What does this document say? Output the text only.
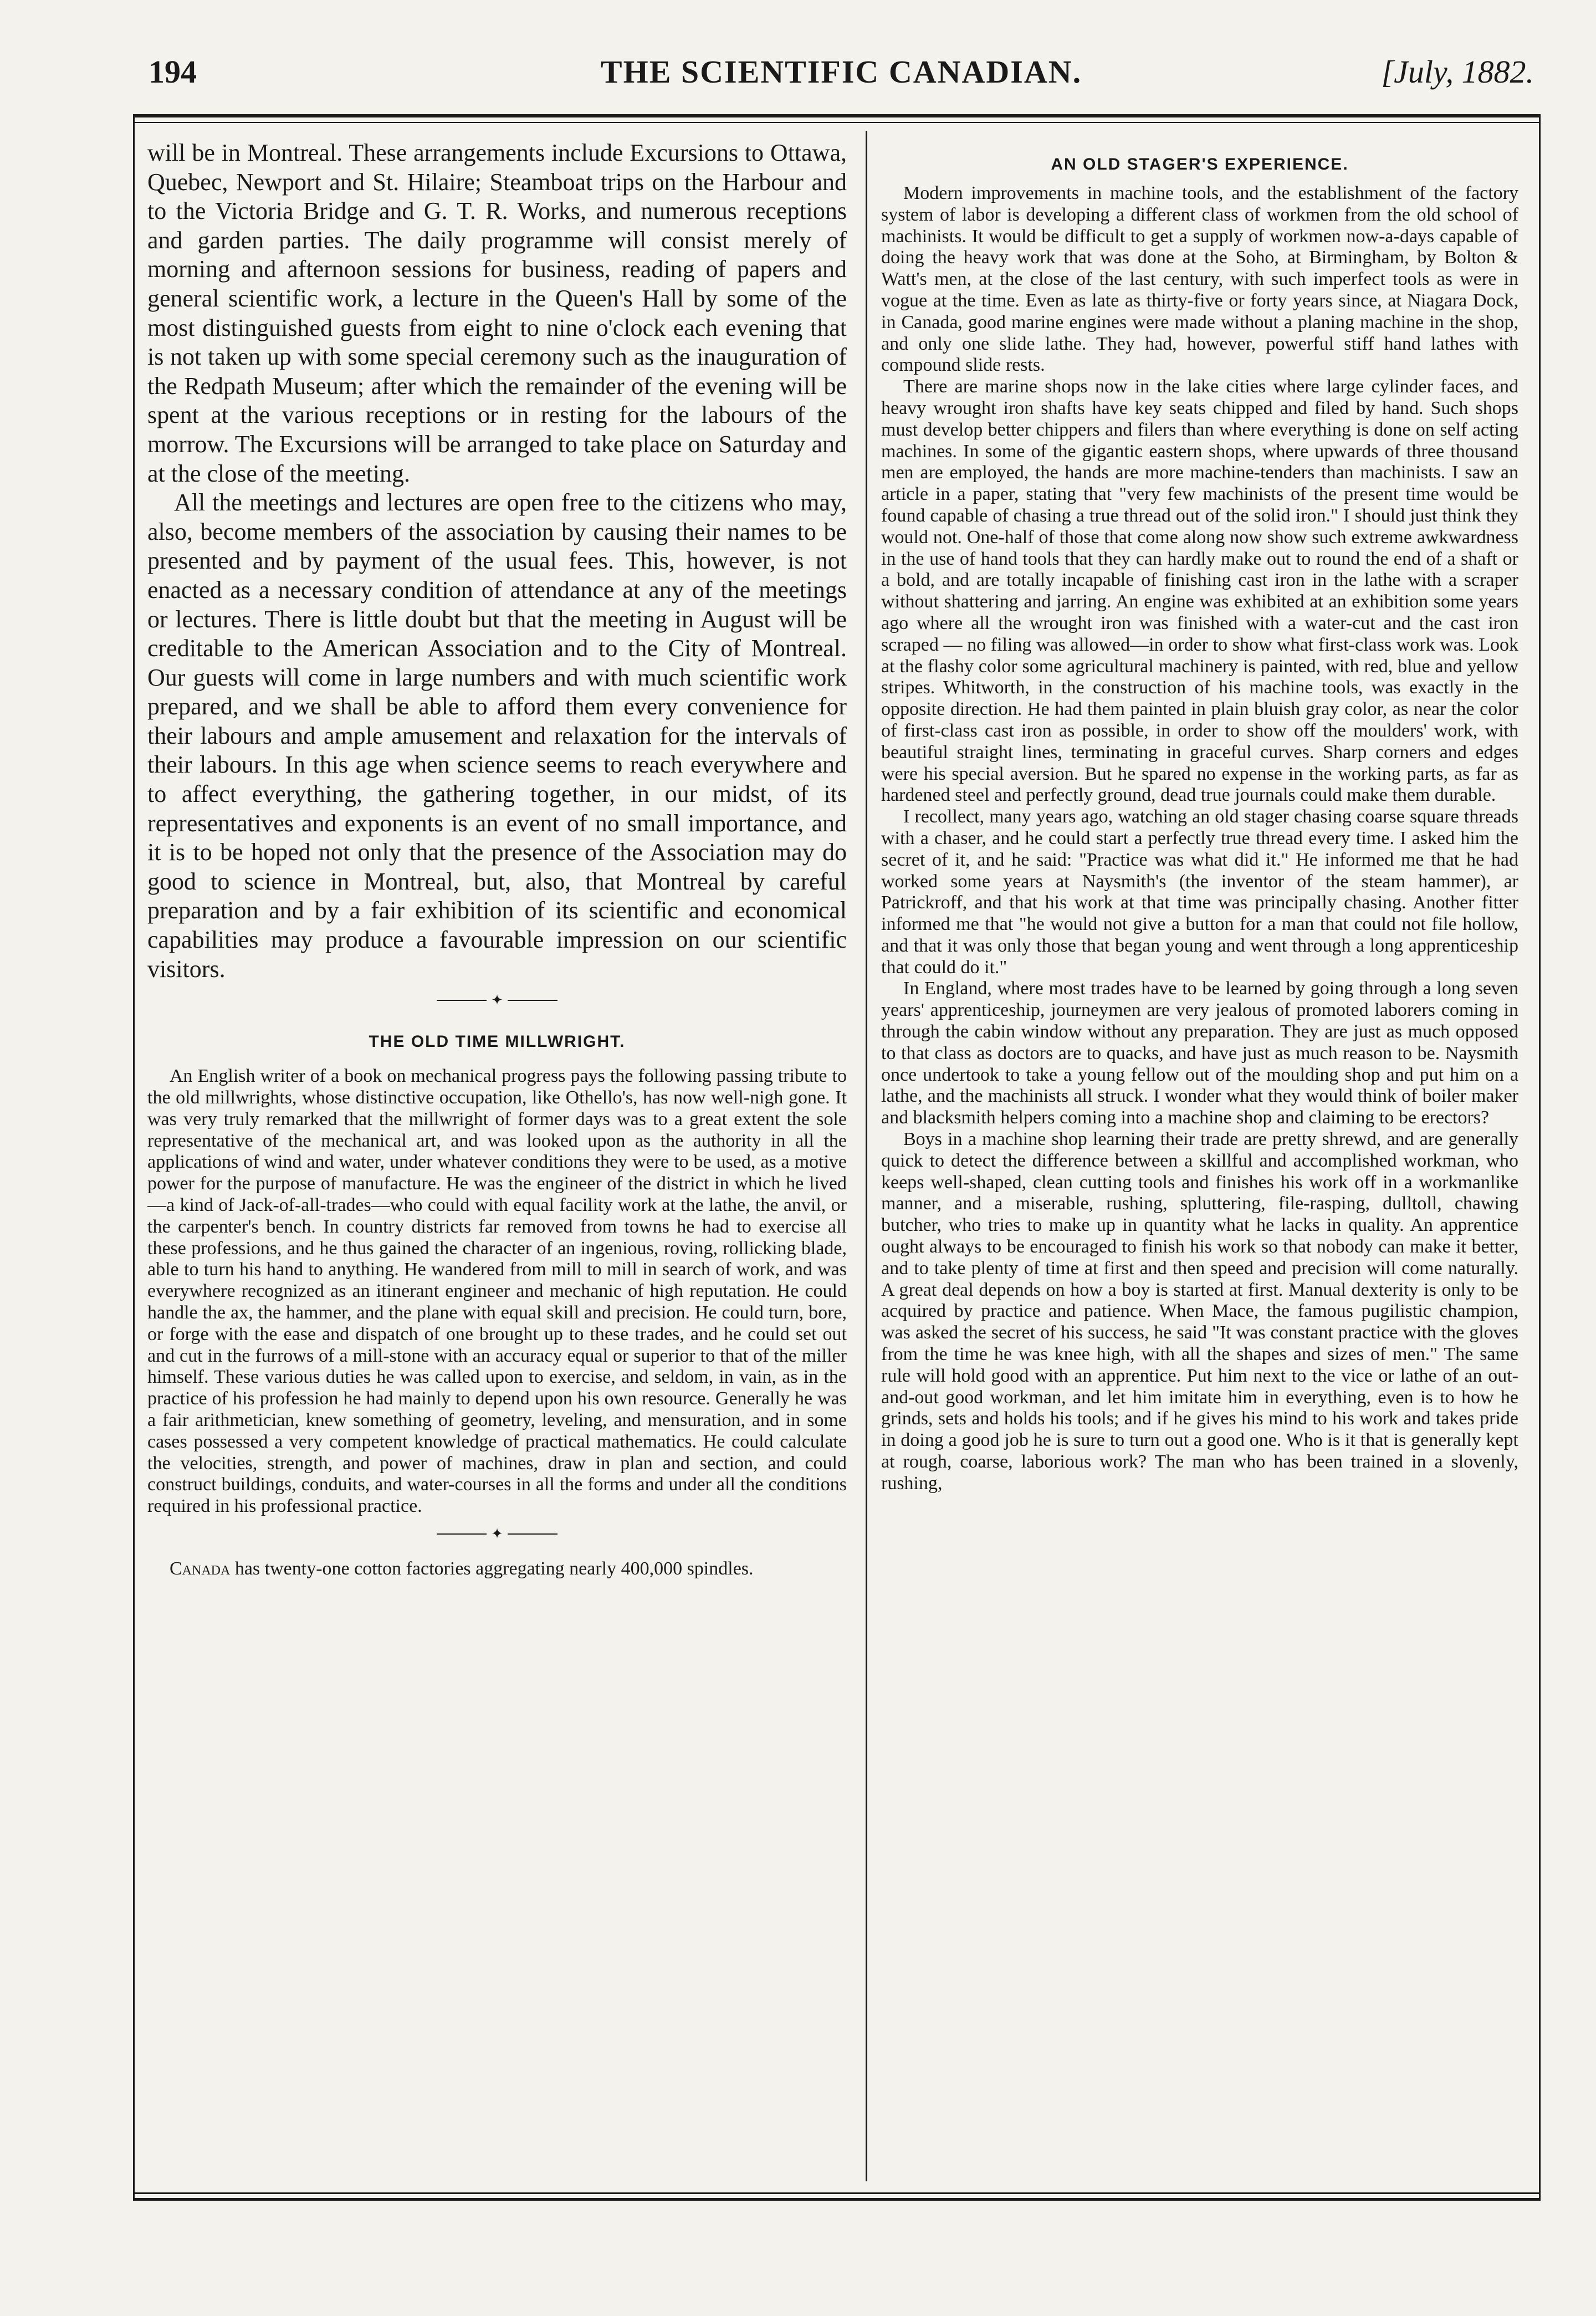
194	THE SCIENTIFIC CANADIAN.	[July, 1882.

will be in Montreal. These arrangements include Excursions to Ottawa, Quebec, Newport and St. Hilaire; Steamboat trips on the Harbour and to the Victoria Bridge and G. T. R. Works, and numerous receptions and garden parties. The daily programme will consist merely of morning and afternoon sessions for business, reading of papers and general scientific work, a lecture in the Queen's Hall by some of the most distinguished guests from eight to nine o'clock each evening that is not taken up with some special ceremony such as the inauguration of the Redpath Museum; after which the remainder of the evening will be spent at the various receptions or in resting for the labours of the morrow. The Excursions will be arranged to take place on Saturday and at the close of the meeting.

All the meetings and lectures are open free to the citizens who may, also, become members of the association by causing their names to be presented and by payment of the usual fees. This, however, is not enacted as a necessary condition of attendance at any of the meetings or lectures. There is little doubt but that the meeting in August will be creditable to the American Association and to the City of Montreal. Our guests will come in large numbers and with much scientific work prepared, and we shall be able to afford them every convenience for their labours and ample amusement and relaxation for the intervals of their labours. In this age when science seems to reach everywhere and to affect everything, the gathering together, in our midst, of its representatives and exponents is an event of no small importance, and it is to be hoped not only that the presence of the Association may do good to science in Montreal, but, also, that Montreal by careful preparation and by a fair exhibition of its scientific and economical capabilities may produce a favourable impression on our scientific visitors.

✦
THE OLD TIME MILLWRIGHT.

An English writer of a book on mechanical progress pays the following passing tribute to the old millwrights, whose distinctive occupation, like Othello's, has now well-nigh gone. It was very truly remarked that the millwright of former days was to a great extent the sole representative of the mechanical art, and was looked upon as the authority in all the applications of wind and water, under whatever conditions they were to be used, as a motive power for the purpose of manufacture. He was the engineer of the district in which he lived—a kind of Jack-of-all-trades—who could with equal facility work at the lathe, the anvil, or the carpenter's bench. In country districts far removed from towns he had to exercise all these professions, and he thus gained the character of an ingenious, roving, rollicking blade, able to turn his hand to anything. He wandered from mill to mill in search of work, and was everywhere recognized as an itinerant engineer and mechanic of high reputation. He could handle the ax, the hammer, and the plane with equal skill and precision. He could turn, bore, or forge with the ease and dispatch of one brought up to these trades, and he could set out and cut in the furrows of a mill-stone with an accuracy equal or superior to that of the miller himself. These various duties he was called upon to exercise, and seldom, in vain, as in the practice of his profession he had mainly to depend upon his own resource. Generally he was a fair arithmetician, knew something of geometry, leveling, and mensuration, and in some cases possessed a very competent knowledge of practical mathematics. He could calculate the velocities, strength, and power of machines, draw in plan and section, and could construct buildings, conduits, and water-courses in all the forms and under all the conditions required in his professional practice.

✦

Canada has twenty-one cotton factories aggregating nearly 400,000 spindles.

AN OLD STAGER'S EXPERIENCE.

Modern improvements in machine tools, and the establishment of the factory system of labor is developing a different class of workmen from the old school of machinists. It would be difficult to get a supply of workmen now-a-days capable of doing the heavy work that was done at the Soho, at Birmingham, by Bolton & Watt's men, at the close of the last century, with such imperfect tools as were in vogue at the time. Even as late as thirty-five or forty years since, at Niagara Dock, in Canada, good marine engines were made without a planing machine in the shop, and only one slide lathe. They had, however, powerful stiff hand lathes with compound slide rests.

There are marine shops now in the lake cities where large cylinder faces, and heavy wrought iron shafts have key seats chipped and filed by hand. Such shops must develop better chippers and filers than where everything is done on self acting machines. In some of the gigantic eastern shops, where upwards of three thousand men are employed, the hands are more machine-tenders than machinists. I saw an article in a paper, stating that "very few machinists of the present time would be found capable of chasing a true thread out of the solid iron." I should just think they would not. One-half of those that come along now show such extreme awkwardness in the use of hand tools that they can hardly make out to round the end of a shaft or a bold, and are totally incapable of finishing cast iron in the lathe with a scraper without shattering and jarring. An engine was exhibited at an exhibition some years ago where all the wrought iron was finished with a water-cut and the cast iron scraped — no filing was allowed—in order to show what first-class work was. Look at the flashy color some agricultural machinery is painted, with red, blue and yellow stripes. Whitworth, in the construction of his machine tools, was exactly in the opposite direction. He had them painted in plain bluish gray color, as near the color of first-class cast iron as possible, in order to show off the moulders' work, with beautiful straight lines, terminating in graceful curves. Sharp corners and edges were his special aversion. But he spared no expense in the working parts, as far as hardened steel and perfectly ground, dead true journals could make them durable.

I recollect, many years ago, watching an old stager chasing coarse square threads with a chaser, and he could start a perfectly true thread every time. I asked him the secret of it, and he said: "Practice was what did it." He informed me that he had worked some years at Naysmith's (the inventor of the steam hammer), ar Patrickroff, and that his work at that time was principally chasing. Another fitter informed me that "he would not give a button for a man that could not file hollow, and that it was only those that began young and went through a long apprenticeship that could do it."

In England, where most trades have to be learned by going through a long seven years' apprenticeship, journeymen are very jealous of promoted laborers coming in through the cabin window without any preparation. They are just as much opposed to that class as doctors are to quacks, and have just as much reason to be. Naysmith once undertook to take a young fellow out of the moulding shop and put him on a lathe, and the machinists all struck. I wonder what they would think of boiler maker and blacksmith helpers coming into a machine shop and claiming to be erectors?

Boys in a machine shop learning their trade are pretty shrewd, and are generally quick to detect the difference between a skillful and accomplished workman, who keeps well-shaped, clean cutting tools and finishes his work off in a workmanlike manner, and a miserable, rushing, spluttering, file-rasping, dulltoll, chawing butcher, who tries to make up in quantity what he lacks in quality. An apprentice ought always to be encouraged to finish his work so that nobody can make it better, and to take plenty of time at first and then speed and precision will come naturally. A great deal depends on how a boy is started at first. Manual dexterity is only to be acquired by practice and patience. When Mace, the famous pugilistic champion, was asked the secret of his success, he said "It was constant practice with the gloves from the time he was knee high, with all the shapes and sizes of men." The same rule will hold good with an apprentice. Put him next to the vice or lathe of an out-and-out good workman, and let him imitate him in everything, even is to how he grinds, sets and holds his tools; and if he gives his mind to his work and takes pride in doing a good job he is sure to turn out a good one. Who is it that is generally kept at rough, coarse, laborious work? The man who has been trained in a slovenly, rushing,
